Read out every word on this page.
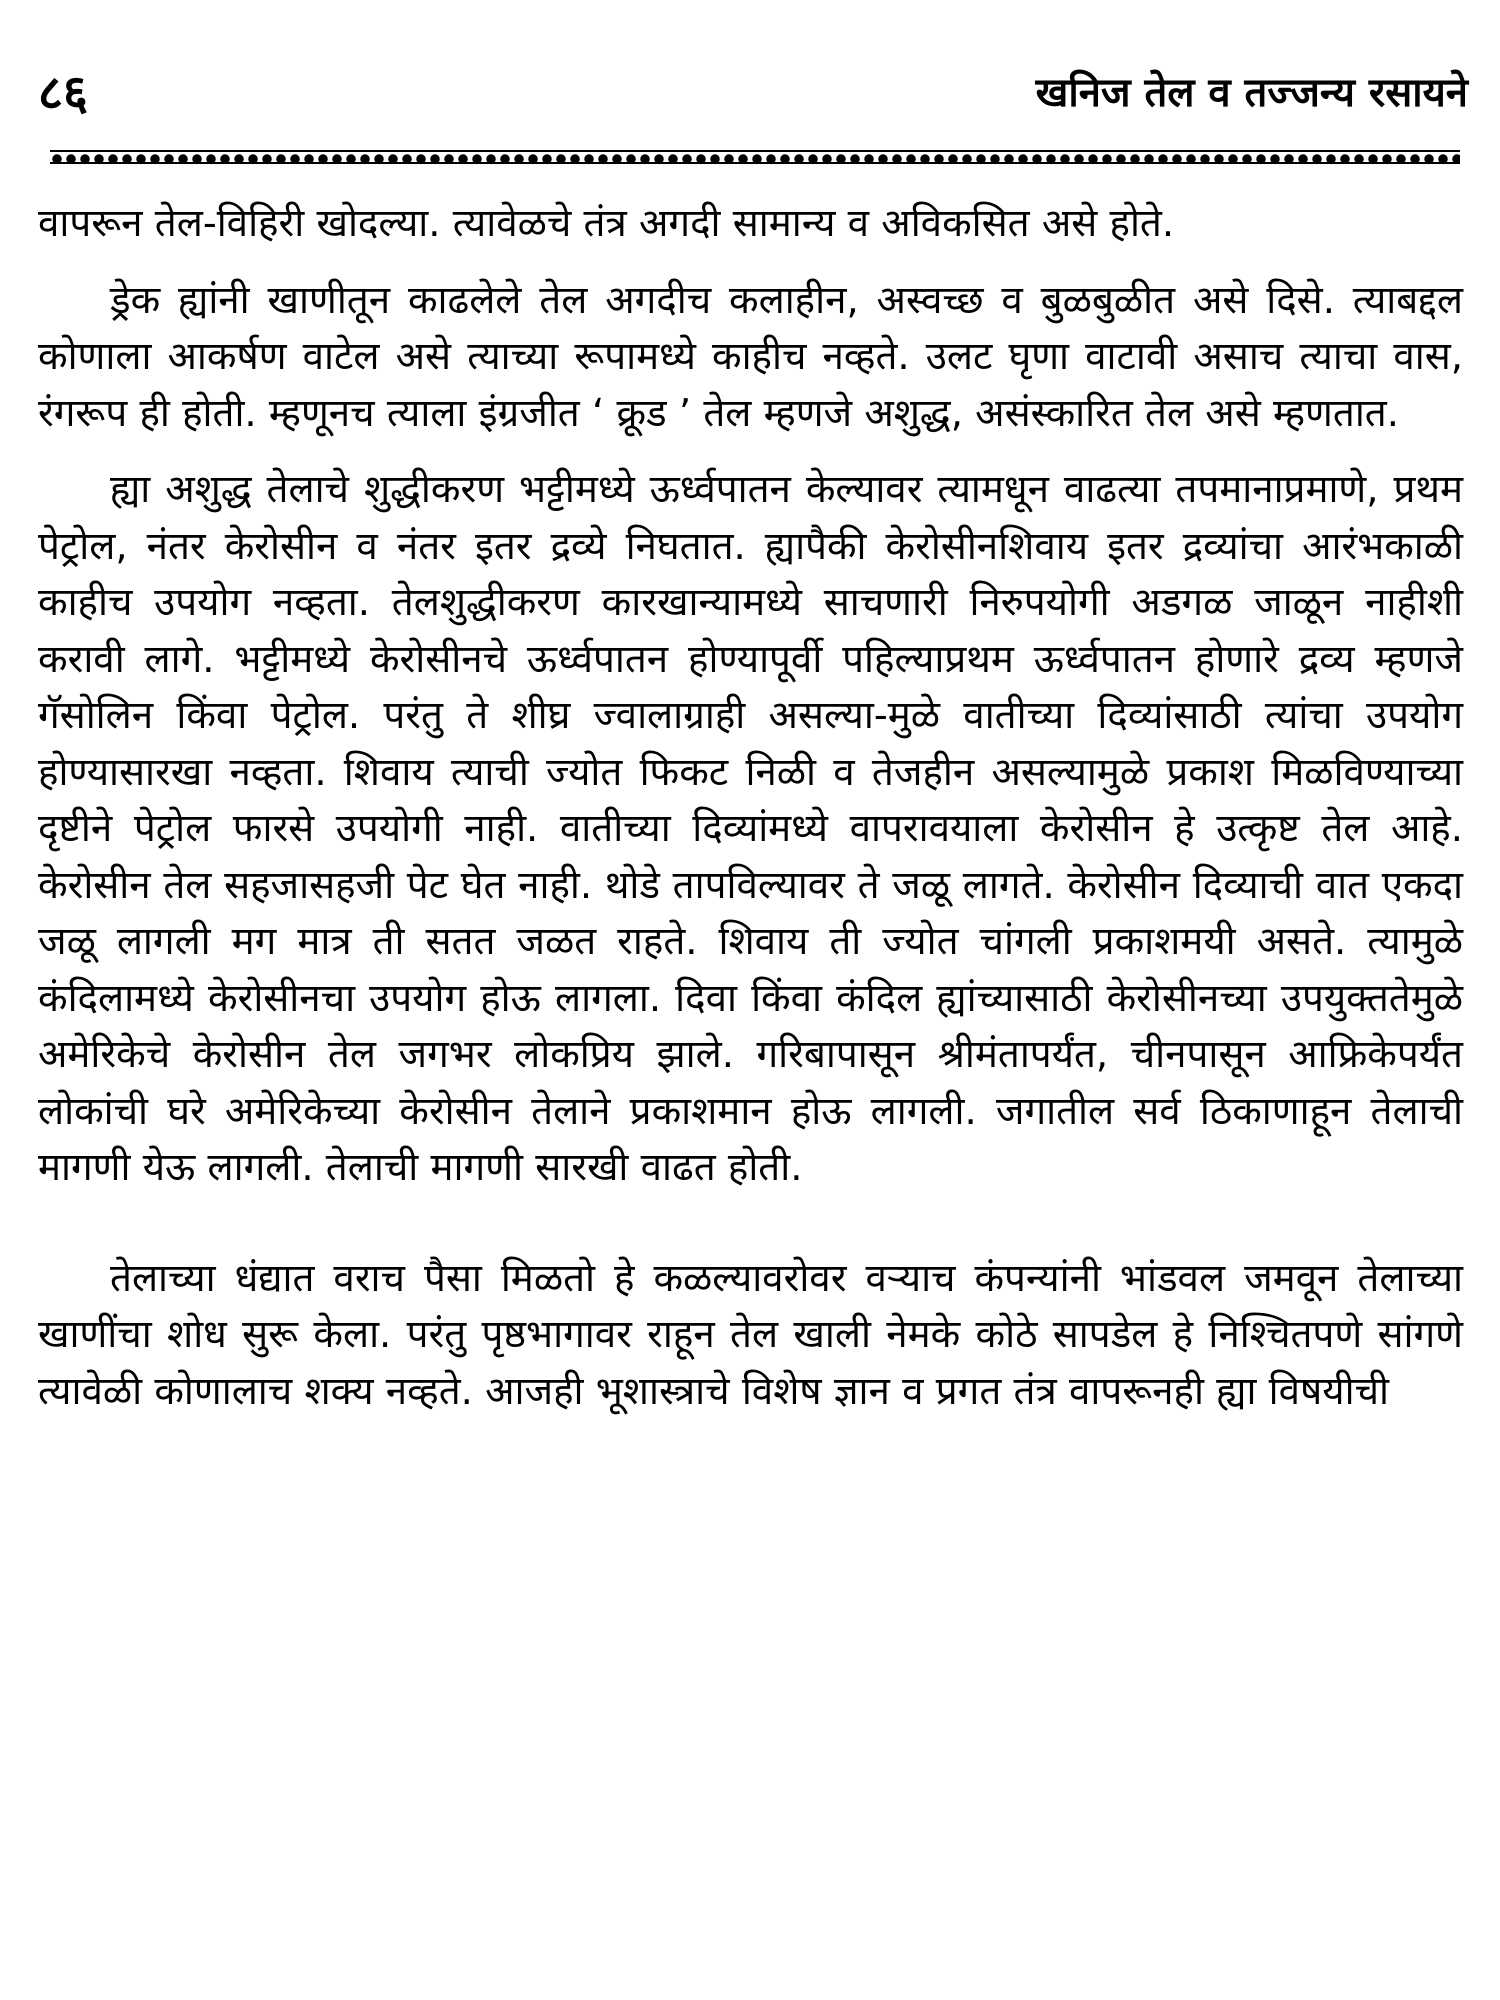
८६	खनिज तेल व तज्जन्य रसायने

वापरून तेल-विहिरी खोदल्या. त्यावेळचे तंत्र अगदी सामान्य व अविकसित असे होते.

ड्रेक ह्यांनी खाणीतून काढलेले तेल अगदीच कलाहीन, अस्वच्छ व बुळबुळीत असे दिसे. त्याबद्दल कोणाला आकर्षण वाटेल असे त्याच्या रूपामध्ये काहीच नव्हते. उलट घृणा वाटावी असाच त्याचा वास, रंगरूप ही होती. म्हणूनच त्याला इंग्रजीत ‘ क्रूड ’ तेल म्हणजे अशुद्ध, असंस्कारित तेल असे म्हणतात.

ह्या अशुद्ध तेलाचे शुद्धीकरण भट्टीमध्ये ऊर्ध्वपातन केल्यावर त्यामधून वाढत्या तपमानाप्रमाणे, प्रथम पेट्रोल, नंतर केरोसीन व नंतर इतर द्रव्ये निघतात. ह्यापैकी केरोसीनशिवाय इतर द्रव्यांचा आरंभकाळी काहीच उपयोग नव्हता. तेलशुद्धीकरण कारखान्यामध्ये साचणारी निरुपयोगी अडगळ जाळून नाहीशी करावी लागे. भट्टीमध्ये केरोसीनचे ऊर्ध्वपातन होण्यापूर्वी पहिल्याप्रथम ऊर्ध्वपातन होणारे द्रव्य म्हणजे गॅसोलिन किंवा पेट्रोल. परंतु ते शीघ्र ज्वालाग्राही असल्या-मुळे वातीच्या दिव्यांसाठी त्यांचा उपयोग होण्यासारखा नव्हता. शिवाय त्याची ज्योत फिकट निळी व तेजहीन असल्यामुळे प्रकाश मिळविण्याच्या दृष्टीने पेट्रोल फारसे उपयोगी नाही. वातीच्या दिव्यांमध्ये वापरावयाला केरोसीन हे उत्कृष्ट तेल आहे. केरोसीन तेल सहजासहजी पेट घेत नाही. थोडे तापविल्यावर ते जळू लागते. केरोसीन दिव्याची वात एकदा जळू लागली मग मात्र ती सतत जळत राहते. शिवाय ती ज्योत चांगली प्रकाशमयी असते. त्यामुळे कंदिलामध्ये केरोसीनचा उपयोग होऊ लागला. दिवा किंवा कंदिल ह्यांच्यासाठी केरोसीनच्या उपयुक्ततेमुळे अमेरिकेचे केरोसीन तेल जगभर लोकप्रिय झाले. गरिबापासून श्रीमंतापर्यंत, चीनपासून आफ्रिकेपर्यंत लोकांची घरे अमेरिकेच्या केरोसीन तेलाने प्रकाशमान होऊ लागली. जगातील सर्व ठिकाणाहून तेलाची मागणी येऊ लागली. तेलाची मागणी सारखी वाढत होती.

तेलाच्या धंद्यात वराच पैसा मिळतो हे कळल्यावरोवर वऱ्याच कंपन्यांनी भांडवल जमवून तेलाच्या खाणींचा शोध सुरू केला. परंतु पृष्ठभागावर राहून तेल खाली नेमके कोठे सापडेल हे निश्चितपणे सांगणे त्यावेळी कोणालाच शक्य नव्हते. आजही भूशास्त्राचे विशेष ज्ञान व प्रगत तंत्र वापरूनही ह्या विषयीची
